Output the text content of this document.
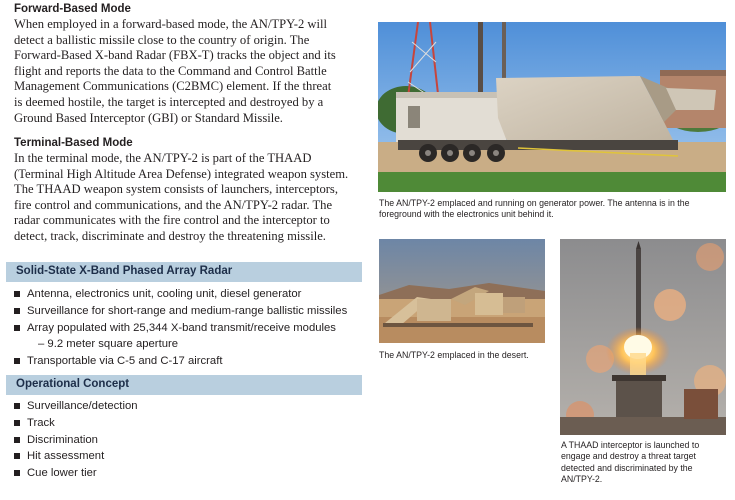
Forward-Based Mode
When employed in a forward-based mode, the AN/TPY-2 will
detect a ballistic missile close to the country of origin. The
Forward-Based X-band Radar (FBX-T) tracks the object and its
flight and reports the data to the Command and Control Battle
Management Communications (C2BMC) element. If the threat
is deemed hostile, the target is intercepted and destroyed by a
Ground Based Interceptor (GBI) or Standard Missile.
Terminal-Based Mode
In the terminal mode, the AN/TPY-2 is part of the THAAD
(Terminal High Altitude Area Defense) integrated weapon system.
The THAAD weapon system consists of launchers, interceptors,
fire control and communications, and the AN/TPY-2 radar. The
radar communicates with the fire control and the interceptor to
detect, track, discriminate and destroy the threatening missile.
Solid-State X-Band Phased Array Radar
Antenna, electronics unit, cooling unit, diesel generator
Surveillance for short-range and medium-range ballistic missiles
Array populated with 25,344 X-band transmit/receive modules
– 9.2 meter square aperture
Transportable via C-5 and C-17 aircraft
Operational Concept
Surveillance/detection
Track
Discrimination
Hit assessment
Cue lower tier
The AN/TPY-2 emplaced and running on generator power. The antenna is in the
foreground with the electronics unit behind it.
The AN/TPY-2 emplaced in the desert.
A THAAD interceptor is launched to
engage and destroy a threat target
detected and discriminated by the
AN/TPY-2.
